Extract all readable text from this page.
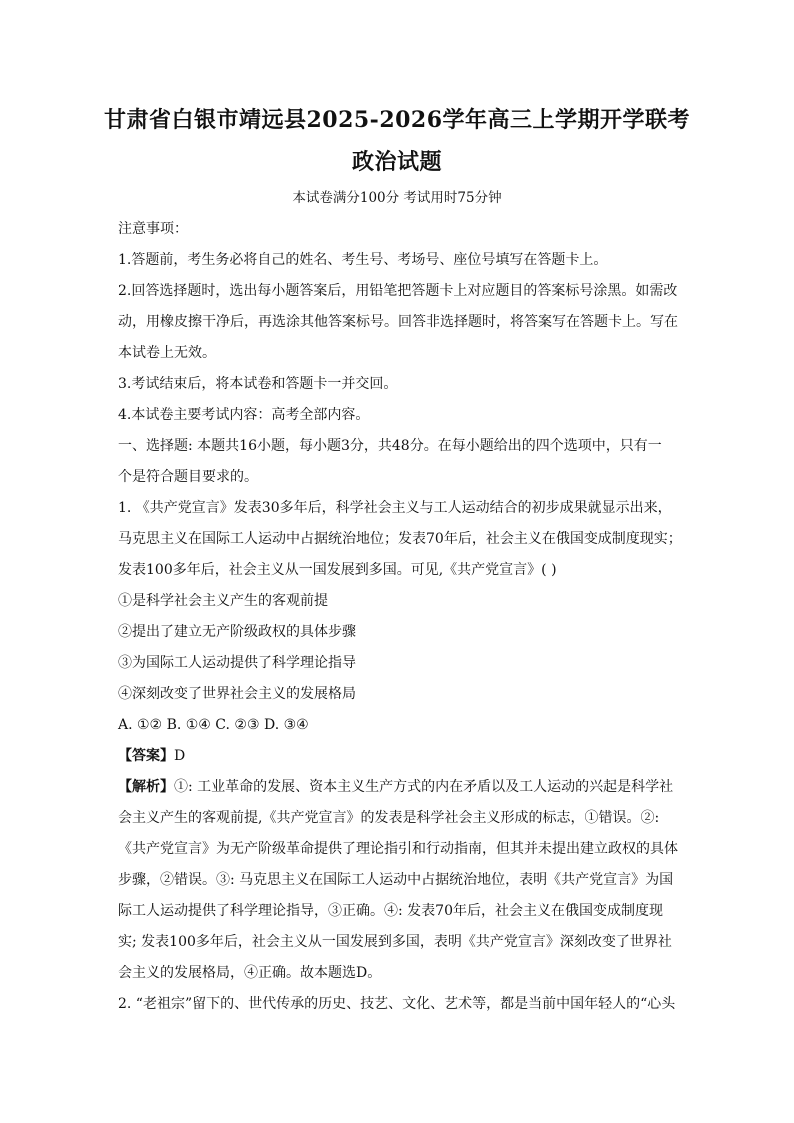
甘肃省白银市靖远县2025-2026学年高三上学期开学联考
政治试题
本试卷满分100分 考试用时75分钟

注意事项：

1.答题前，考生务必将自己的姓名、考生号、考场号、座位号填写在答题卡上。

2.回答选择题时，选出每小题答案后，用铅笔把答题卡上对应题目的答案标号涂黑。如需改

动，用橡皮擦干净后，再选涂其他答案标号。回答非选择题时，将答案写在答题卡上。写在

本试卷上无效。

3.考试结束后，将本试卷和答题卡一并交回。

4.本试卷主要考试内容：高考全部内容。

一、选择题: 本题共16小题，每小题3分，共48分。在每小题给出的四个选项中，只有一

个是符合题目要求的。

1. 《共产党宣言》发表30多年后，科学社会主义与工人运动结合的初步成果就显示出来，

马克思主义在国际工人运动中占据统治地位；发表70年后，社会主义在俄国变成制度现实；

发表100多年后，社会主义从一国发展到多国。可见,《共产党宣言》( )

①是科学社会主义产生的客观前提

②提出了建立无产阶级政权的具体步骤

③为国际工人运动提供了科学理论指导

④深刻改变了世界社会主义的发展格局

A. ①② B. ①④ C. ②③ D. ③④

【答案】D

【解析】①: 工业革命的发展、资本主义生产方式的内在矛盾以及工人运动的兴起是科学社

会主义产生的客观前提,《共产党宣言》的发表是科学社会主义形成的标志，①错误。②:

《共产党宣言》为无产阶级革命提供了理论指引和行动指南，但其并未提出建立政权的具体

步骤，②错误。③: 马克思主义在国际工人运动中占据统治地位，表明《共产党宣言》为国

际工人运动提供了科学理论指导，③正确。④: 发表70年后，社会主义在俄国变成制度现

实; 发表100多年后，社会主义从一国发展到多国，表明《共产党宣言》深刻改变了世界社

会主义的发展格局，④正确。故本题选D。

2. “老祖宗”留下的、世代传承的历史、技艺、文化、艺术等，都是当前中国年轻人的“心头
